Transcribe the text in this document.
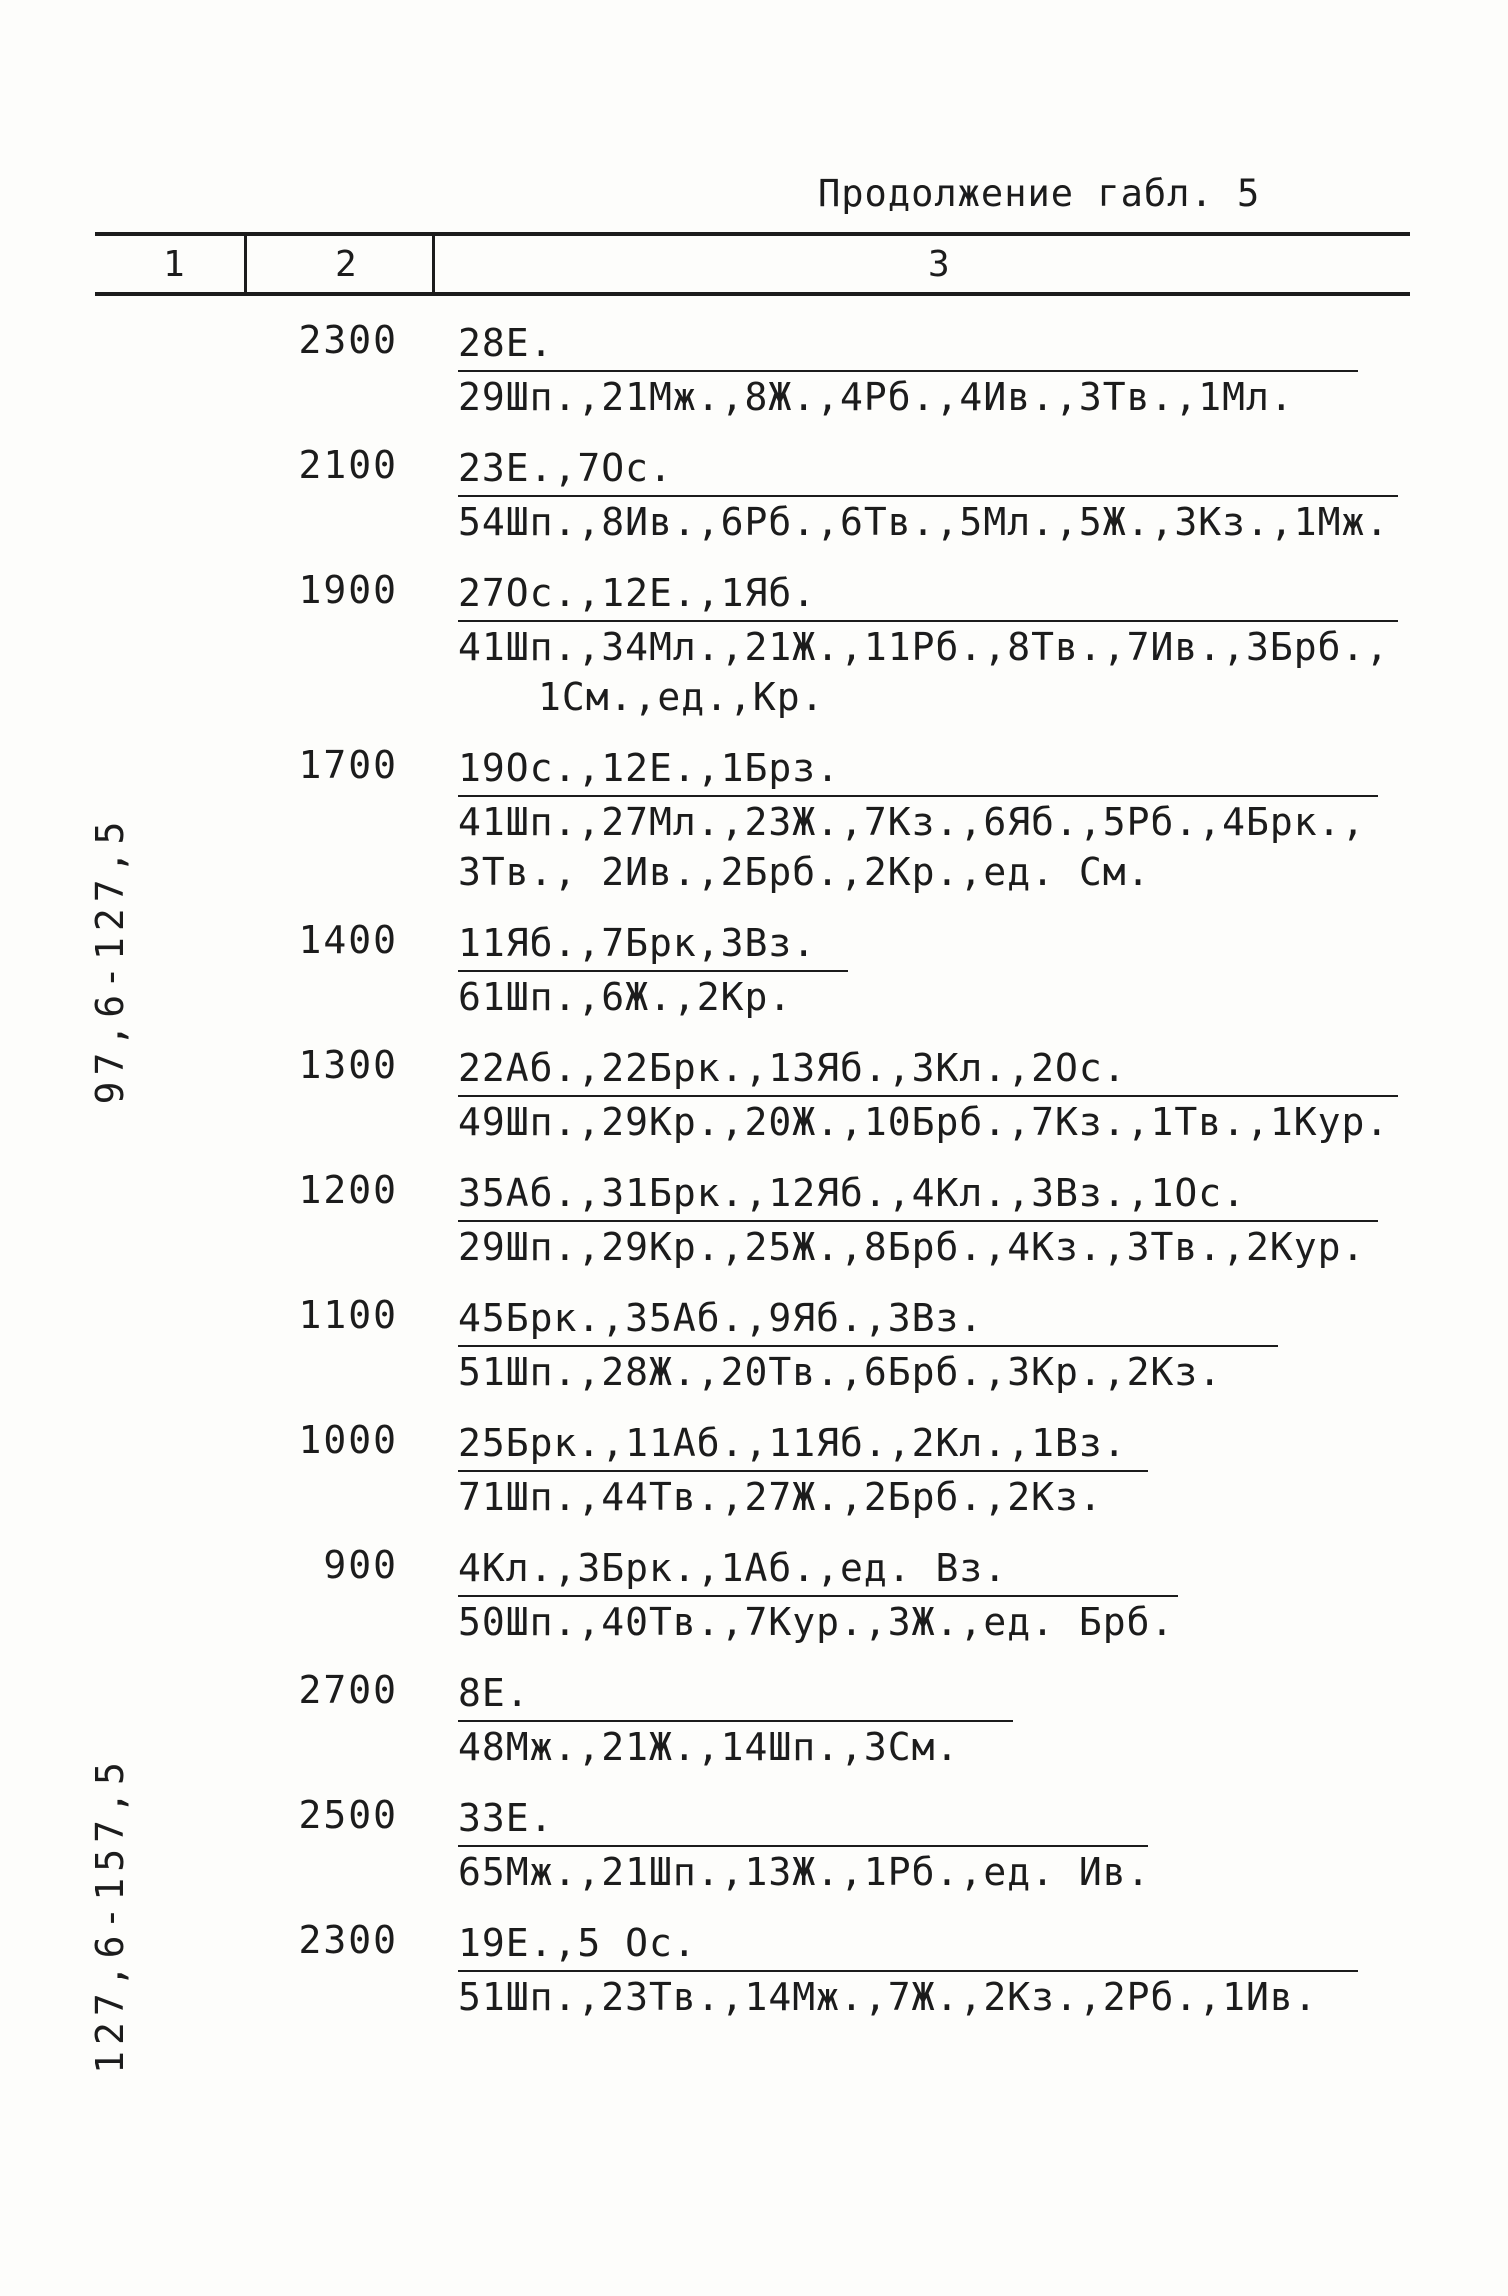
Продолжение габл. 5
1	2	3
97,6-127,5
127,6-157,5
2300 28Е.
29Шп.,21Мж.,8Ж.,4Рб.,4Ив.,3Тв.,1Мл.
2100 23Е.,7Ос.
54Шп.,8Ив.,6Рб.,6Тв.,5Мл.,5Ж.,3Кз.,1Мж.
1900 27Ос.,12Е.,1Яб.
41Шп.,34Мл.,21Ж.,11Рб.,8Тв.,7Ив.,3Брб.,
1См.,ед.,Кр.
1700 19Ос.,12Е.,1Брз.
41Шп.,27Мл.,23Ж.,7Кз.,6Яб.,5Рб.,4Брк.,
3Тв., 2Ив.,2Брб.,2Кр.,ед. См.
1400 11Яб.,7Брк,3Вз.
61Шп.,6Ж.,2Кр.
1300 22Аб.,22Брк.,13Яб.,3Кл.,2Ос.
49Шп.,29Кр.,20Ж.,10Брб.,7Кз.,1Тв.,1Кур.
1200 35Аб.,31Брк.,12Яб.,4Кл.,3Вз.,1Ос.
29Шп.,29Кр.,25Ж.,8Брб.,4Кз.,3Тв.,2Кур.
1100 45Брк.,35Аб.,9Яб.,3Вз.
51Шп.,28Ж.,20Тв.,6Брб.,3Кр.,2Кз.
1000 25Брк.,11Аб.,11Яб.,2Кл.,1Вз.
71Шп.,44Тв.,27Ж.,2Брб.,2Кз.
900 4Кл.,3Брк.,1Аб.,ед. Вз.
50Шп.,40Тв.,7Кур.,3Ж.,ед. Брб.
2700 8Е.
48Мж.,21Ж.,14Шп.,3См.
2500 33Е.
65Мж.,21Шп.,13Ж.,1Рб.,ед. Ив.
2300 19Е.,5 Ос.
51Шп.,23Тв.,14Мж.,7Ж.,2Кз.,2Рб.,1Ив.
